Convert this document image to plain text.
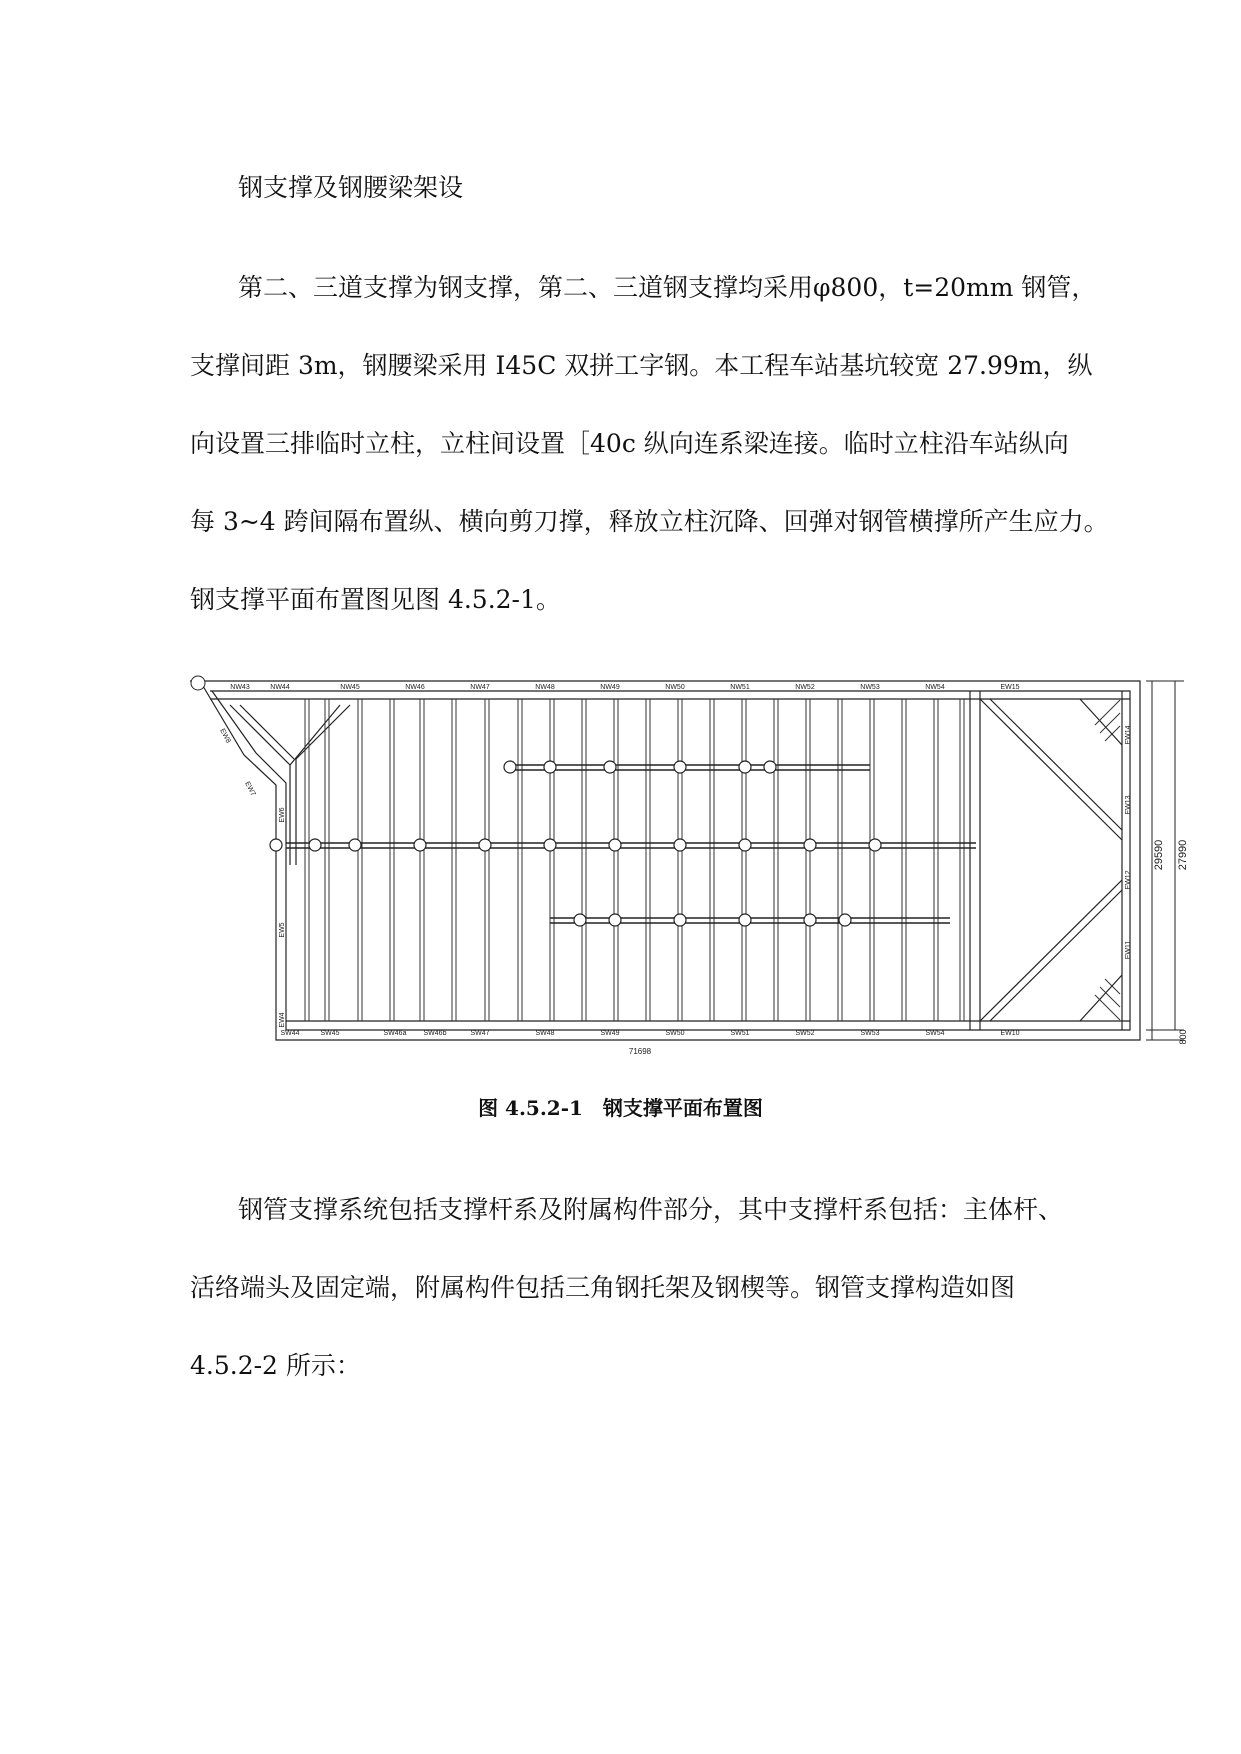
钢支撑及钢腰梁架设
第二、三道支撑为钢支撑，第二、三道钢支撑均采用φ800，t=20mm 钢管，
支撑间距 3m，钢腰梁采用 I45C 双拼工字钢。本工程车站基坑较宽 27.99m，纵
向设置三排临时立柱，立柱间设置［40c 纵向连系梁连接。临时立柱沿车站纵向
每 3~4 跨间隔布置纵、横向剪刀撑，释放立柱沉降、回弹对钢管横撑所产生应力。
钢支撑平面布置图见图 4.5.2-1。
NW43	NW44	NW45	NW46	NW47	NW48	NW49	NW50	NW51	NW52	NW53	NW54	EW15
SW44	SW45	SW46a SW46b	SW47	SW48	SW49	SW50	SW51	SW52	SW53	SW54	EW10
EW14
EW13
EW12
EW11
EW6
EW5
EW4
EW8
EW7
29590 27990
800
71698
图 4.5.2-1　钢支撑平面布置图
钢管支撑系统包括支撑杆系及附属构件部分，其中支撑杆系包括：主体杆、
活络端头及固定端，附属构件包括三角钢托架及钢楔等。钢管支撑构造如图
4.5.2-2 所示：
